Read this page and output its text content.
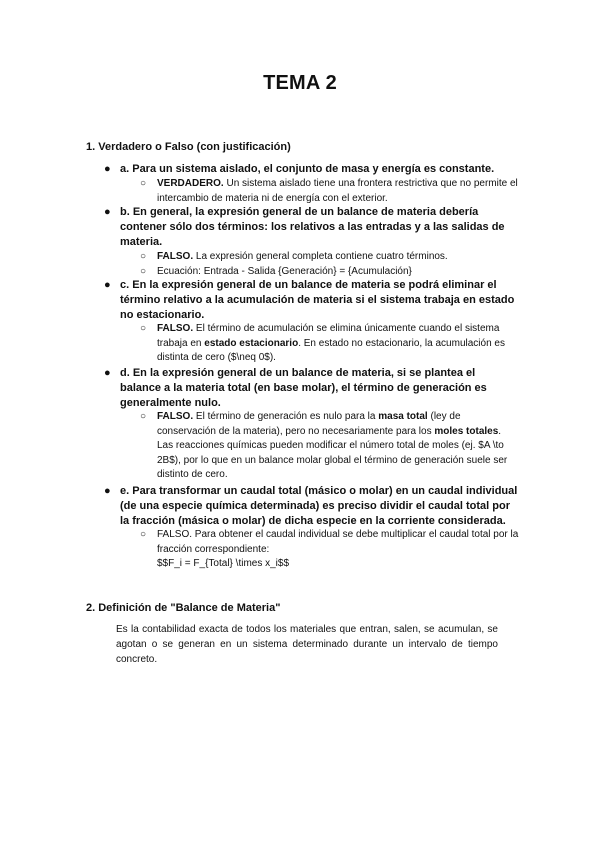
TEMA 2
1. Verdadero o Falso (con justificación)
● a. Para un sistema aislado, el conjunto de masa y energía es constante.
○ VERDADERO. Un sistema aislado tiene una frontera restrictiva que no permite el intercambio de materia ni de energía con el exterior.
● b. En general, la expresión general de un balance de materia debería contener sólo dos términos: los relativos a las entradas y a las salidas de materia.
○ FALSO. La expresión general completa contiene cuatro términos.
○ Ecuación: Entrada - Salida {Generación} = {Acumulación}
● c. En la expresión general de un balance de materia se podrá eliminar el término relativo a la acumulación de materia si el sistema trabaja en estado no estacionario.
○ FALSO. El término de acumulación se elimina únicamente cuando el sistema trabaja en estado estacionario. En estado no estacionario, la acumulación es distinta de cero ($\neq 0$).
● d. En la expresión general de un balance de materia, si se plantea el balance a la materia total (en base molar), el término de generación es generalmente nulo.
○ FALSO. El término de generación es nulo para la masa total (ley de conservación de la materia), pero no necesariamente para los moles totales. Las reacciones químicas pueden modificar el número total de moles (ej. $A \to 2B$), por lo que en un balance molar global el término de generación suele ser distinto de cero.
● e. Para transformar un caudal total (másico o molar) en un caudal individual (de una especie química determinada) es preciso dividir el caudal total por la fracción (másica o molar) de dicha especie en la corriente considerada.
○ FALSO. Para obtener el caudal individual se debe multiplicar el caudal total por la fracción correspondiente:
$$F_i = F_{Total} \times x_i$$
2. Definición de "Balance de Materia"
Es la contabilidad exacta de todos los materiales que entran, salen, se acumulan, se agotan o se generan en un sistema determinado durante un intervalo de tiempo concreto.
